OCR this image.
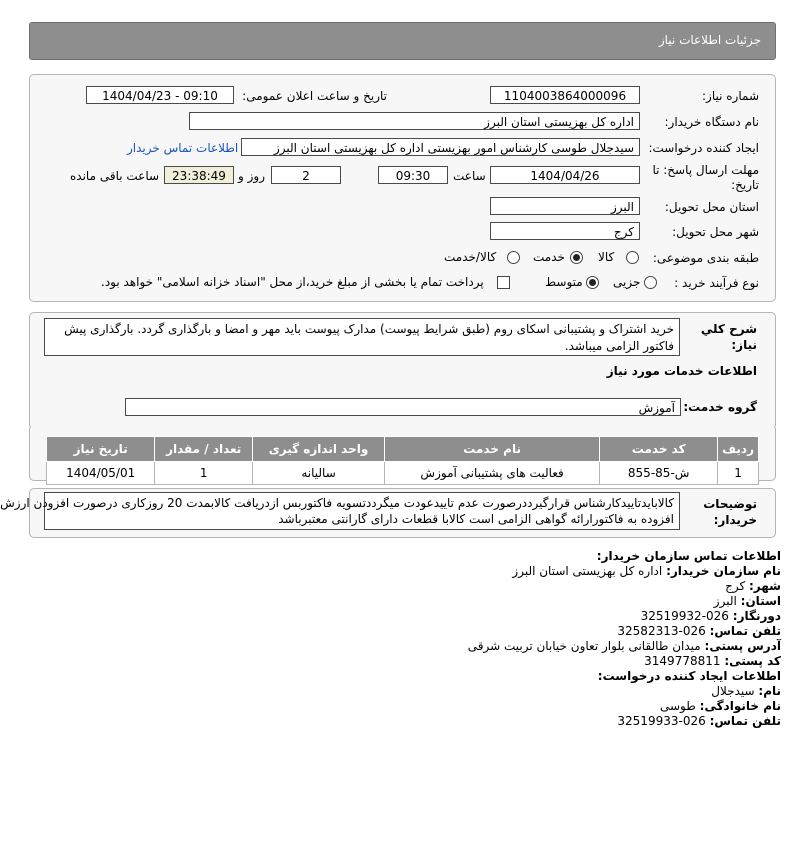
جزئیات اطلاعات نیاز
شماره نیاز:
1104003864000096
تاریخ و ساعت اعلان عمومی:
1404/04/23 - 09:10
نام دستگاه خریدار:
اداره کل بهزیستی استان البرز
ایجاد کننده درخواست:
سیدجلال طوسی کارشناس امور بهزیستی اداره کل بهزیستی استان البرز
اطلاعات تماس خریدار
مهلت ارسال پاسخ: تا
تاریخ:
1404/04/26
ساعت
09:30
2
روز و
23:38:49
ساعت باقی مانده
استان محل تحویل:
البرز
شهر محل تحویل:
کرج
طبقه بندی موضوعی:
کالا
خدمت
کالا/خدمت
نوع فرآیند خرید :
جزیی
متوسط
پرداخت تمام یا بخشی از مبلغ خرید،از محل "اسناد خزانه اسلامی" خواهد بود.
شرح کلي
نیاز:
خرید اشتراک و پشتیبانی اسکای روم (طبق شرایط پیوست) مدارک پیوست باید مهر و امضا و بارگذاری گردد. بارگذاری پیش
فاکتور الزامی میباشد.
اطلاعات خدمات مورد نیاز
گروه خدمت:
آموزش
ردیف	کد خدمت	نام خدمت	واحد اندازه گیری	تعداد / مقدار	تاریخ نیاز
1	ش-85-855	فعالیت های پشتیبانی آموزش	سالیانه	1	1404/05/01
توضیحات
خریدار:
کالابایدتاییدکارشناس قرارگیرددرصورت عدم تاییدعودت میگرددتسویه فاکتوربس ازدریافت کالابمدت 20 روزکاری درصورت افزودن ارزش
افزوده به فاکتورارائه گواهی الزامی است کالابا قطعات دارای گارانتی معتبرباشد
اطلاعات تماس سازمان خریدار:
نام سازمان خریدار: اداره کل بهزیستی استان البرز
شهر: کرج
استان: البرز
دورنگار: 026-32519932
تلفن تماس: 026-32582313
آدرس پستی: میدان طالقانی بلوار تعاون خیابان تربیت شرقی
کد پستی: 3149778811
اطلاعات ایجاد کننده درخواست:
نام: سیدجلال
نام خانوادگی: طوسی
تلفن تماس: 026-32519933
